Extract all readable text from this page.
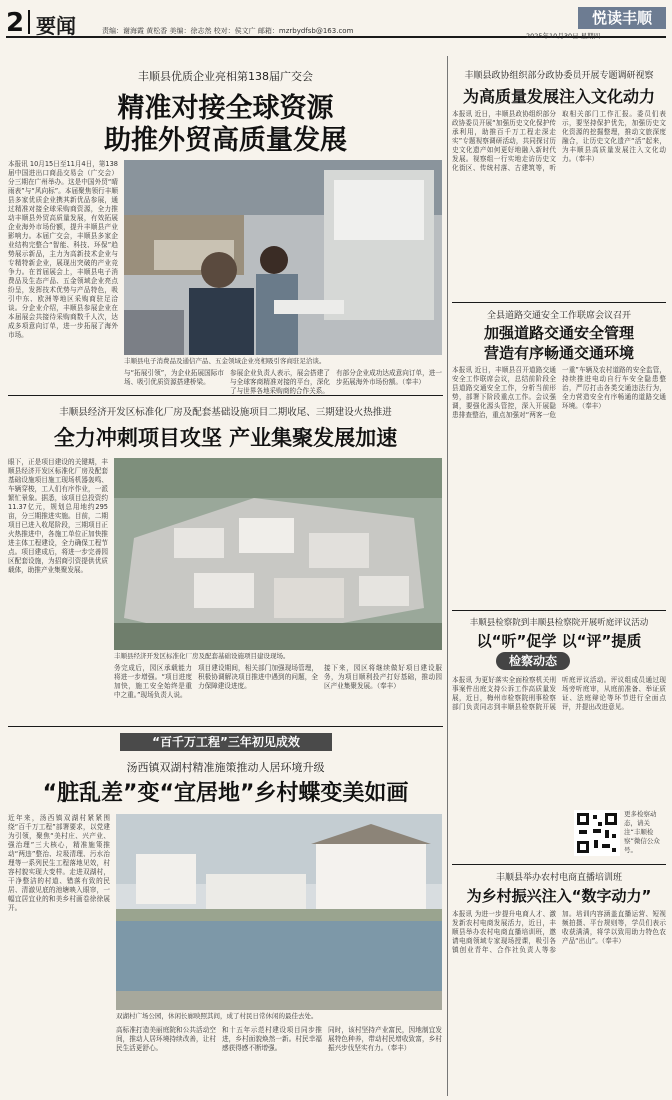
2 要闻	责编：谢海霞 黄松香 美编：徐志然 校对：侯文广 邮箱：mzrbydfsb@163.com
悦读丰顺
2025年10月30日 星期四
丰顺县优质企业亮相第138届广交会
精准对接全球资源
助推外贸高质量发展
本报讯 10月15日至11月4日，第138届中国进出口商品交易会（广交会）分三期在广州举办。这是中国外贸“晴雨表”与“风向标”。本届聚焦领行丰顺县多家优质企业携其新优品参展，通过精准对接全球采购商资源，全力推动丰顺县外贸高质量发展，有效拓展企业海外市场份额，提升丰顺县产业影响力。本届广交会，丰顺县多家企业结构完整合“智能、科技、环保”趋势展示新品，主力为高新技术企业与专精特新企业，展现出突破的产业竞争力。在首届展会上，丰顺县电子消费品及生态产品、五金领域企业亮点纷呈，发挥技术优势与产品特色，吸引中东、欧洲等地区采购商驻足洽谈。分企业介绍，丰顺县参展企业在本届展会共接待采购商数千人次，达成多项意向订单，进一步拓展了海外市场。
丰顺县电子消费品及通信产品、五金领域企业亮相吸引客商驻足洽谈。
与“拓展引领”，为企业拓展国际市场、吸引优质资源搭建桥梁。
参展企业负责人表示，展会搭建了与全球客商精准对接的平台，深化了与世界各地采购商的合作关系。
有部分企业成功达成意向订单，进一步拓展海外市场份额。（奉丰）
丰顺县经济开发区标准化厂房及配套基础设施项目二期收尾、三期建设火热推进
全力冲刺项目攻坚 产业集聚发展加速
眼下，正是项目建设的关键期，丰顺县经济开发区标准化厂房及配套基础设施项目施工现场机器轰鸣、车辆穿梭，工人们有序作业，一派繁忙景象。据悉，该项目总投资约11.37亿元，规划总用地约295亩，分三期推进实施。目前，二期项目已进入收尾阶段，三期项目正火热推进中，各施工单位正加快推进主体工程建设，全力确保工程节点。项目建成后，将进一步完善园区配套设施，为招商引资提供优质载体，助推产业集聚发展。
丰顺县经济开发区标准化厂房及配套基础设施项目建设现场。
务完成后，园区承载能力将进一步增强。“项目进度加快，施工安全始终是重中之重。”现场负责人说。
项目建设期间，相关部门加强现场管理，积极协调解决项目推进中遇到的问题，全力保障建设进度。
接下来，园区将继续做好项目建设服务，为项目顺利投产打好基础，推动园区产业集聚发展。（奉丰）
“百千万工程”三年初见成效
汤西镇双湖村精准施策推动人居环境升级
“脏乱差”变“宜居地”乡村蝶变美如画
近年来，汤西镇双湖村紧紧围绕“百千万工程”部署要求，以党建为引领，聚焦“美村庄、兴产业、强治理”三大核心，精准施策推动“两违”整治、垃圾清理、污水治理等一系列民生工程落地见效，村容村貌实现大变样。走进双湖村，干净整洁的村道、错落有致的民居、清澈见底的池塘映入眼帘，一幅宜居宜业的和美乡村画卷徐徐展开。
双湖村广场公园，休闲长廊映照其间，成了村民日常休闲的最佳去处。
高标准打造美丽庭院和公共活动空间，推动人居环境持续改善，让村民生活更舒心。
和十五年示范村建设项目同步推进，乡村面貌焕然一新。村民幸福感获得感不断增强。
同时，该村坚持产业富民，因地制宜发展特色种养，带动村民增收致富，乡村振兴步伐坚实有力。（奉丰）
丰顺县政协组织部分政协委员开展专题调研视察
为高质量发展注入文化动力
本报讯 近日，丰顺县政协组织部分政协委员开展“加强历史文化保护传承利用，助推百千万工程走深走实”专题视察调研活动，共同探讨历史文化遗产如何更好地融入新时代发展。视察组一行实地走访历史文化街区、传统村落、古建筑等，听取相关部门工作汇报。委员们表示，要坚持保护优先，加强历史文化资源的挖掘整理，推动文旅深度融合，让历史文化遗产“活”起来，为丰顺县高质量发展注入文化动力。（奉丰）
全县道路交通安全工作联席会议召开
加强道路交通安全管理
营造有序畅通交通环境
本报讯 近日，丰顺县召开道路交通安全工作联席会议，总结前阶段全县道路交通安全工作，分析当前形势，部署下阶段重点工作。会议强调，要强化源头管控，深入开展隐患排查整治，重点加强对“两客一危一重”车辆及农村道路的安全监管，持续推进电动自行车安全隐患整治，严厉打击各类交通违法行为，全力营造安全有序畅通的道路交通环境。（奉丰）
丰顺县检察院到丰顺县检察院开展听庭评议活动
以“听”促学 以“评”提质
检察动态
本报讯 为更好落实全面检察机关刑事案件出庭支持公诉工作高质量发展，近日，梅州市检察院刑事检察部门负责同志到丰顺县检察院开展听庭评议活动。评议组成员通过现场旁听庭审，从庭前准备、举证质证、法庭辩论等环节进行全面点评，并提出改进意见。
更多检察动态，请关注“丰顺检察”微信公众号。
丰顺县举办农村电商直播培训班
为乡村振兴注入“数字动力”
本报讯 为进一步提升电商人才、激发新农村电商发展活力，近日，丰顺县举办农村电商直播培训班，邀请电商领域专家现场授课，吸引各镇创业青年、合作社负责人等参加。培训内容涵盖直播运营、短视频拍摄、平台规则等，学员们表示收获满满，将学以致用助力特色农产品“出山”。（奉丰）
